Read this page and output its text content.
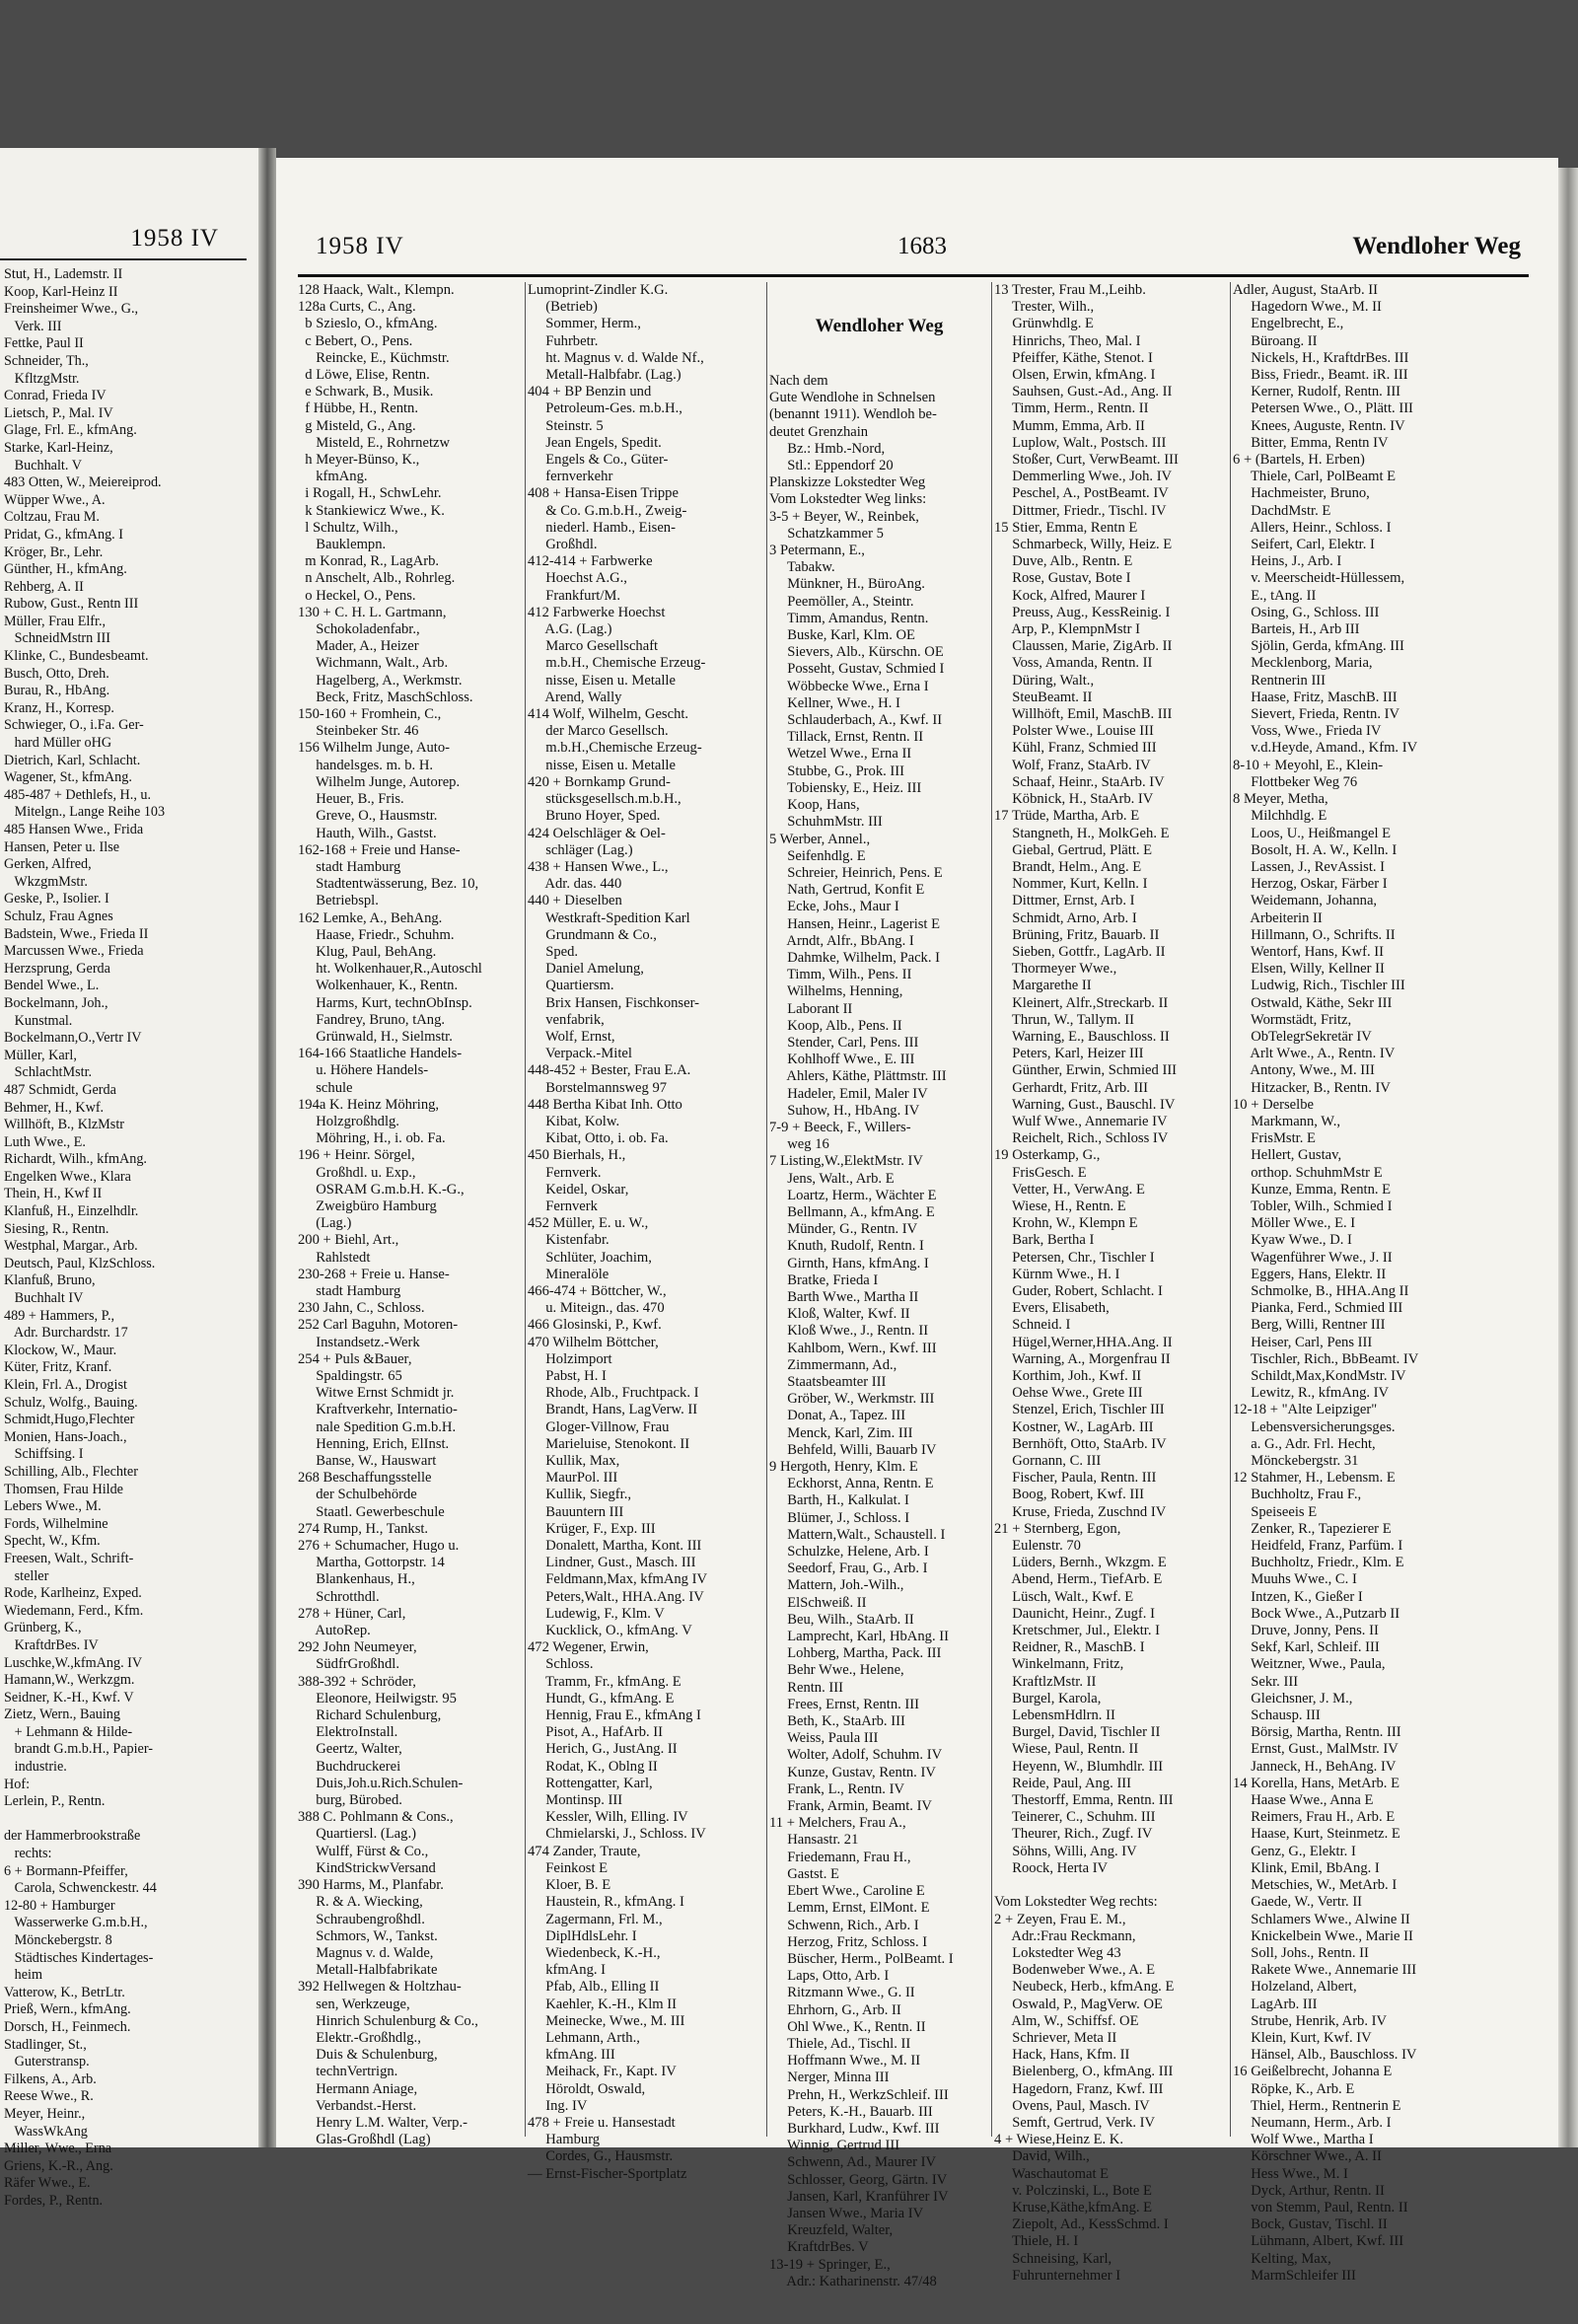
1958 IV
Stut, H., Lademstr. II
Koop, Karl-Heinz II
Freinsheimer Wwe., G.,
Verk. III
Fettke, Paul II
Schneider, Th.,
KfltzgMstr.
Conrad, Frieda IV
Lietsch, P., Mal. IV
Glage, Frl. E., kfmAng.
Starke, Karl-Heinz,
Buchhalt. V
483 Otten, W., Meiereiprod.
Wüpper Wwe., A.
Coltzau, Frau M.
Pridat, G., kfmAng. I
Kröger, Br., Lehr.
Günther, H., kfmAng.
Rehberg, A. II
Rubow, Gust., Rentn III
Müller, Frau Elfr.,
SchneidMstrn III
Klinke, C., Bundesbeamt.
Busch, Otto, Dreh.
Burau, R., HbAng.
Kranz, H., Korresp.
Schwieger, O., i.Fa. Ger-
hard Müller oHG
Dietrich, Karl, Schlacht.
Wagener, St., kfmAng.
485-487 + Dethlefs, H., u.
Mitelgn., Lange Reihe 103
485 Hansen Wwe., Frida
Hansen, Peter u. Ilse
Gerken, Alfred,
WkzgmMstr.
Geske, P., Isolier. I
Schulz, Frau Agnes
Badstein, Wwe., Frieda II
Marcussen Wwe., Frieda
Herzsprung, Gerda
Bendel Wwe., L.
Bockelmann, Joh.,
Kunstmal.
Bockelmann,O.,Vertr IV
Müller, Karl,
SchlachtMstr.
487 Schmidt, Gerda
Behmer, H., Kwf.
Willhöft, B., KlzMstr
Luth Wwe., E.
Richardt, Wilh., kfmAng.
Engelken Wwe., Klara
Thein, H., Kwf II
Klanfuß, H., Einzelhdlr.
Siesing, R., Rentn.
Westphal, Margar., Arb.
Deutsch, Paul, KlzSchloss.
Klanfuß, Bruno,
Buchhalt IV
489 + Hammers, P.,
Adr. Burchardstr. 17
Klockow, W., Maur.
Küter, Fritz, Kranf.
Klein, Frl. A., Drogist
Schulz, Wolfg., Bauing.
Schmidt,Hugo,Flechter
Monien, Hans-Joach.,
Schiffsing. I
Schilling, Alb., Flechter
Thomsen, Frau Hilde
Lebers Wwe., M.
Fords, Wilhelmine
Specht, W., Kfm.
Freesen, Walt., Schrift-
steller
Rode, Karlheinz, Exped.
Wiedemann, Ferd., Kfm.
Grünberg, K.,
KraftdrBes. IV
Luschke,W.,kfmAng. IV
Hamann,W., Werkzgm.
Seidner, K.-H., Kwf. V
Zietz, Wern., Bauing
+ Lehmann & Hilde-
brandt G.m.b.H., Papier-
industrie.
Hof:
Lerlein, P., Rentn.

der Hammerbrookstraße
rechts:
6 + Bormann-Pfeiffer,
Carola, Schwenckestr. 44
12-80 + Hamburger
Wasserwerke G.m.b.H.,
Mönckebergstr. 8
Städtisches Kindertages-
heim
Vatterow, K., BetrLtr.
Prieß, Wern., kfmAng.
Dorsch, H., Feinmech.
Stadlinger, St.,
Guterstransp.
Filkens, A., Arb.
Reese Wwe., R.
Meyer, Heinr.,
WassWkAng
Miller, Wwe., Erna
Griens, K.-R., Ang.
Räfer Wwe., E.
Fordes, P., Rentn.
1958 IV	1683	Wendloher Weg
128 Haack, Walt., Klempn.
128a Curts, C., Ang.
b Szieslo, O., kfmAng.
c Bebert, O., Pens.
Reincke, E., Küchmstr.
d Löwe, Elise, Rentn.
e Schwark, B., Musik.
f Hübbe, H., Rentn.
g Misteld, G., Ang.
Misteld, E., Rohrnetzw
h Meyer-Bünso, K.,
kfmAng.
i Rogall, H., SchwLehr.
k Stankiewicz Wwe., K.
l Schultz, Wilh.,
Bauklempn.
m Konrad, R., LagArb.
n Anschelt, Alb., Rohrleg.
o Heckel, O., Pens.
130 + C. H. L. Gartmann,
Schokoladenfabr.,
Mader, A., Heizer
Wichmann, Walt., Arb.
Hagelberg, A., Werkmstr.
Beck, Fritz, MaschSchloss.
150-160 + Fromhein, C.,
Steinbeker Str. 46
156 Wilhelm Junge, Auto-
handelsges. m. b. H.
Wilhelm Junge, Autorep.
Heuer, B., Fris.
Greve, O., Hausmstr.
Hauth, Wilh., Gastst.
162-168 + Freie und Hanse-
stadt Hamburg
Stadtentwässerung, Bez. 10,
Betriebspl.
162 Lemke, A., BehAng.
Haase, Friedr., Schuhm.
Klug, Paul, BehAng.
ht. Wolkenhauer,R.,Autoschl
Wolkenhauer, K., Rentn.
Harms, Kurt, technObInsp.
Fandrey, Bruno, tAng.
Grünwald, H., Sielmstr.
164-166 Staatliche Handels-
u. Höhere Handels-
schule
194a K. Heinz Möhring,
Holzgroßhdlg.
Möhring, H., i. ob. Fa.
196 + Heinr. Sörgel,
Großhdl. u. Exp.,
OSRAM G.m.b.H. K.-G.,
Zweigbüro Hamburg
(Lag.)
200 + Biehl, Art.,
Rahlstedt
230-268 + Freie u. Hanse-
stadt Hamburg
230 Jahn, C., Schloss.
252 Carl Baguhn, Motoren-
Instandsetz.-Werk
254 + Puls &Bauer,
Spaldingstr. 65
Witwe Ernst Schmidt jr.
Kraftverkehr, Internatio-
nale Spedition G.m.b.H.
Henning, Erich, ElInst.
Banse, W., Hauswart
268 Beschaffungsstelle
der Schulbehörde
Staatl. Gewerbeschule
274 Rump, H., Tankst.
276 + Schumacher, Hugo u.
Martha, Gottorpstr. 14
Blankenhaus, H.,
Schrotthdl.
278 + Hüner, Carl,
AutoRep.
292 John Neumeyer,
SüdfrGroßhdl.
388-392 + Schröder,
Eleonore, Heilwigstr. 95
Richard Schulenburg,
ElektroInstall.
Geertz, Walter,
Buchdruckerei
Duis,Joh.u.Rich.Schulen-
burg, Bürobed.
388 C. Pohlmann & Cons.,
Quartiersl. (Lag.)
Wulff, Fürst & Co.,
KindStrickwVersand
390 Harms, M., Planfabr.
R. & A. Wiecking,
Schraubengroßhdl.
Schmors, W., Tankst.
Magnus v. d. Walde,
Metall-Halbfabrikate
392 Hellwegen & Holtzhau-
sen, Werkzeuge,
Hinrich Schulenburg & Co.,
Elektr.-Großhdlg.,
Duis & Schulenburg,
technVertrign.
Hermann Aniage,
Verbandst.-Herst.
Henry L.M. Walter, Verp.-
Glas-Großhdl (Lag)
Lumoprint-Zindler K.G.
(Betrieb)
Sommer, Herm.,
Fuhrbetr.
ht. Magnus v. d. Walde Nf.,
Metall-Halbfabr. (Lag.)
404 + BP Benzin und
Petroleum-Ges. m.b.H.,
Steinstr. 5
Jean Engels, Spedit.
Engels & Co., Güter-
fernverkehr
408 + Hansa-Eisen Trippe
& Co. G.m.b.H., Zweig-
niederl. Hamb., Eisen-
Großhdl.
412-414 + Farbwerke
Hoechst A.G.,
Frankfurt/M.
412 Farbwerke Hoechst
A.G. (Lag.)
Marco Gesellschaft
m.b.H., Chemische Erzeug-
nisse, Eisen u. Metalle
Arend, Wally
414 Wolf, Wilhelm, Gescht.
der Marco Gesellsch.
m.b.H.,Chemische Erzeug-
nisse, Eisen u. Metalle
420 + Bornkamp Grund-
stücksgesellsch.m.b.H.,
Bruno Hoyer, Sped.
424 Oelschläger & Oel-
schläger (Lag.)
438 + Hansen Wwe., L.,
Adr. das. 440
440 + Dieselben
Westkraft-Spedition Karl
Grundmann & Co.,
Sped.
Daniel Amelung,
Quartiersm.
Brix Hansen, Fischkonser-
venfabrik,
Wolf, Ernst,
Verpack.-Mitel
448-452 + Bester, Frau E.A.
Borstelmannsweg 97
448 Bertha Kibat Inh. Otto
Kibat, Kolw.
Kibat, Otto, i. ob. Fa.
450 Bierhals, H.,
Fernverk.
Keidel, Oskar,
Fernverk
452 Müller, E. u. W.,
Kistenfabr.
Schlüter, Joachim,
Mineralöle
466-474 + Böttcher, W.,
u. Miteign., das. 470
466 Glosinski, P., Kwf.
470 Wilhelm Böttcher,
Holzimport
Pabst, H. I
Rhode, Alb., Fruchtpack. I
Brandt, Hans, LagVerw. II
Gloger-Villnow, Frau
Marieluise, Stenokont. II
Kullik, Max,
MaurPol. III
Kullik, Siegfr.,
Bauuntern III
Krüger, F., Exp. III
Donalett, Martha, Kont. III
Lindner, Gust., Masch. III
Feldmann,Max, kfmAng IV
Peters,Walt., HHA.Ang. IV
Ludewig, F., Klm. V
Kucklick, O., kfmAng. V
472 Wegener, Erwin,
Schloss.
Tramm, Fr., kfmAng. E
Hundt, G., kfmAng. E
Hennig, Frau E., kfmAng I
Pisot, A., HafArb. II
Herich, G., JustAng. II
Rodat, K., Oblng II
Rottengatter, Karl,
Montinsp. III
Kessler, Wilh, Elling. IV
Chmielarski, J., Schloss. IV
474 Zander, Traute,
Feinkost E
Kloer, B. E
Haustein, R., kfmAng. I
Zagermann, Frl. M.,
DiplHdlsLehr. I
Wiedenbeck, K.-H.,
kfmAng. I
Pfab, Alb., Elling II
Kaehler, K.-H., Klm II
Meinecke, Wwe., M. III
Lehmann, Arth.,
kfmAng. III
Meihack, Fr., Kapt. IV
Höroldt, Oswald,
Ing. IV
478 + Freie u. Hansestadt
Hamburg
Cordes, G., Hausmstr.
— Ernst-Fischer-Sportplatz

Wendloher Weg

Nach dem
Gute Wendlohe in Schnelsen
(benannt 1911). Wendloh be-
deutet Grenzhain
Bz.: Hmb.-Nord,
Stl.: Eppendorf 20
Planskizze Lokstedter Weg
Vom Lokstedter Weg links:
3-5 + Beyer, W., Reinbek,
Schatzkammer 5
3 Petermann, E.,
Tabakw.
Münkner, H., BüroAng.
Peemöller, A., Steintr.
Timm, Amandus, Rentn.
Buske, Karl, Klm. OE
Sievers, Alb., Kürschn. OE
Posseht, Gustav, Schmied I
Wöbbecke Wwe., Erna I
Kellner, Wwe., H. I
Schlauderbach, A., Kwf. II
Tillack, Ernst, Rentn. II
Wetzel Wwe., Erna II
Stubbe, G., Prok. III
Tobiensky, E., Heiz. III
Koop, Hans,
SchuhmMstr. III
5 Werber, Annel.,
Seifenhdlg. E
Schreier, Heinrich, Pens. E
Nath, Gertrud, Konfit E
Ecke, Johs., Maur I
Hansen, Heinr., Lagerist E
Arndt, Alfr., BbAng. I
Dahmke, Wilhelm, Pack. I
Timm, Wilh., Pens. II
Wilhelms, Henning,
Laborant II
Koop, Alb., Pens. II
Stender, Carl, Pens. III
Kohlhoff Wwe., E. III
Ahlers, Käthe, Plättmstr. III
Hadeler, Emil, Maler IV
Suhow, H., HbAng. IV
7-9 + Beeck, F., Willers-
weg 16
7 Listing,W.,ElektMstr. IV
Jens, Walt., Arb. E
Loartz, Herm., Wächter E
Bellmann, A., kfmAng. E
Münder, G., Rentn. IV
Knuth, Rudolf, Rentn. I
Girnth, Hans, kfmAng. I
Bratke, Frieda I
Barth Wwe., Martha II
Kloß, Walter, Kwf. II
Kloß Wwe., J., Rentn. II
Kahlbom, Wern., Kwf. III
Zimmermann, Ad.,
Staatsbeamter III
Gröber, W., Werkmstr. III
Donat, A., Tapez. III
Menck, Karl, Zim. III
Behfeld, Willi, Bauarb IV
9 Hergoth, Henry, Klm. E
Eckhorst, Anna, Rentn. E
Barth, H., Kalkulat. I
Blümer, J., Schloss. I
Mattern,Walt., Schaustell. I
Schulzke, Helene, Arb. I
Seedorf, Frau, G., Arb. I
Mattern, Joh.-Wilh.,
ElSchweiß. II
Beu, Wilh., StaArb. II
Lamprecht, Karl, HbAng. II
Lohberg, Martha, Pack. III
Behr Wwe., Helene,
Rentn. III
Frees, Ernst, Rentn. III
Beth, K., StaArb. III
Weiss, Paula III
Wolter, Adolf, Schuhm. IV
Kunze, Gustav, Rentn. IV
Frank, L., Rentn. IV
Frank, Armin, Beamt. IV
11 + Melchers, Frau A.,
Hansastr. 21
Friedemann, Frau H.,
Gastst. E
Ebert Wwe., Caroline E
Lemm, Ernst, ElMont. E
Schwenn, Rich., Arb. I
Herzog, Fritz, Schloss. I
Büscher, Herm., PolBeamt. I
Laps, Otto, Arb. I
Ritzmann Wwe., G. II
Ehrhorn, G., Arb. II
Ohl Wwe., K., Rentn. II
Thiele, Ad., Tischl. II
Hoffmann Wwe., M. II
Nerger, Minna III
Prehn, H., WerkzSchleif. III
Peters, K.-H., Bauarb. III
Burkhard, Ludw., Kwf. III
Winnig, Gertrud III
Schwenn, Ad., Maurer IV
Schlosser, Georg, Gärtn. IV
Jansen, Karl, Kranführer IV
Jansen Wwe., Maria IV
Kreuzfeld, Walter,
KraftdrBes. V
13-19 + Springer, E.,
Adr.: Katharinenstr. 47/48

13 Trester, Frau M.,Leihb.
Trester, Wilh.,
Grünwhdlg. E
Hinrichs, Theo, Mal. I
Pfeiffer, Käthe, Stenot. I
Olsen, Erwin, kfmAng. I
Sauhsen, Gust.-Ad., Ang. II
Timm, Herm., Rentn. II
Mumm, Emma, Arb. II
Luplow, Walt., Postsch. III
Stoßer, Curt, VerwBeamt. III
Demmerling Wwe., Joh. IV
Peschel, A., PostBeamt. IV
Dittmer, Friedr., Tischl. IV
15 Stier, Emma, Rentn E
Schmarbeck, Willy, Heiz. E
Duve, Alb., Rentn. E
Rose, Gustav, Bote I
Kock, Alfred, Maurer I
Preuss, Aug., KessReinig. I
Arp, P., KlempnMstr I
Claussen, Marie, ZigArb. II
Voss, Amanda, Rentn. II
Düring, Walt.,
SteuBeamt. II
Willhöft, Emil, MaschB. III
Polster Wwe., Louise III
Kühl, Franz, Schmied III
Wolf, Franz, StaArb. IV
Schaaf, Heinr., StaArb. IV
Köbnick, H., StaArb. IV
17 Trüde, Martha, Arb. E
Stangneth, H., MolkGeh. E
Giebal, Gertrud, Plätt. E
Brandt, Helm., Ang. E
Nommer, Kurt, Kelln. I
Dittmer, Ernst, Arb. I
Schmidt, Arno, Arb. I
Brüning, Fritz, Bauarb. II
Sieben, Gottfr., LagArb. II
Thormeyer Wwe.,
Margarethe II
Kleinert, Alfr.,Streckarb. II
Thrun, W., Tallym. II
Warning, E., Bauschloss. II
Peters, Karl, Heizer III
Günther, Erwin, Schmied III
Gerhardt, Fritz, Arb. III
Warning, Gust., Bauschl. IV
Wulf Wwe., Annemarie IV
Reichelt, Rich., Schloss IV
19 Osterkamp, G.,
FrisGesch. E
Vetter, H., VerwAng. E
Wiese, H., Rentn. E
Krohn, W., Klempn E
Bark, Bertha I
Petersen, Chr., Tischler I
Kürnm Wwe., H. I
Guder, Robert, Schlacht. I
Evers, Elisabeth,
Schneid. I
Hügel,Werner,HHA.Ang. II
Warning, A., Morgenfrau II
Korthim, Joh., Kwf. II
Oehse Wwe., Grete III
Stenzel, Erich, Tischler III
Kostner, W., LagArb. III
Bernhöft, Otto, StaArb. IV
Gornann, C. III
Fischer, Paula, Rentn. III
Boog, Robert, Kwf. III
Kruse, Frieda, Zuschnd IV
21 + Sternberg, Egon,
Eulenstr. 70
Lüders, Bernh., Wkzgm. E
Abend, Herm., TiefArb. E
Lüsch, Walt., Kwf. E
Daunicht, Heinr., Zugf. I
Kretschmer, Jul., Elektr. I
Reidner, R., MaschB. I
Winkelmann, Fritz,
KraftlzMstr. II
Burgel, Karola,
LebensmHdlrn. II
Burgel, David, Tischler II
Wiese, Paul, Rentn. II
Heyenn, W., Blumhdlr. III
Reide, Paul, Ang. III
Thestorff, Emma, Rentn. III
Teinerer, C., Schuhm. III
Theurer, Rich., Zugf. IV
Söhns, Willi, Ang. IV
Roock, Herta IV

Vom Lokstedter Weg rechts:
2 + Zeyen, Frau E. M.,
Adr.:Frau Reckmann,
Lokstedter Weg 43
Bodenweber Wwe., A. E
Neubeck, Herb., kfmAng. E
Oswald, P., MagVerw. OE
Alm, W., Schiffsf. OE
Schriever, Meta II
Hack, Hans, Kfm. II
Bielenberg, O., kfmAng. III
Hagedorn, Franz, Kwf. III
Ovens, Paul, Masch. IV
Semft, Gertrud, Verk. IV
4 + Wiese,Heinz E. K.
David, Wilh.,
Waschautomat E
v. Polczinski, L., Bote E
Kruse,Käthe,kfmAng. E
Ziepolt, Ad., KessSchmd. I
Thiele, H. I
Schneising, Karl,
Fuhrunternehmer I
Adler, August, StaArb. II
Hagedorn Wwe., M. II
Engelbrecht, E.,
Büroang. II
Nickels, H., KraftdrBes. III
Biss, Friedr., Beamt. iR. III
Kerner, Rudolf, Rentn. III
Petersen Wwe., O., Plätt. III
Knees, Auguste, Rentn. IV
Bitter, Emma, Rentn IV
6 + (Bartels, H. Erben)
Thiele, Carl, PolBeamt E
Hachmeister, Bruno,
DachdMstr. E
Allers, Heinr., Schloss. I
Seifert, Carl, Elektr. I
Heins, J., Arb. I
v. Meerscheidt-Hüllessem,
E., tAng. II
Osing, G., Schloss. III
Barteis, H., Arb III
Sjölin, Gerda, kfmAng. III
Mecklenborg, Maria,
Rentnerin III
Haase, Fritz, MaschB. III
Sievert, Frieda, Rentn. IV
Voss, Wwe., Frieda IV
v.d.Heyde, Amand., Kfm. IV
8-10 + Meyohl, E., Klein-
Flottbeker Weg 76
8 Meyer, Metha,
Milchhdlg. E
Loos, U., Heißmangel E
Bosolt, H. A. W., Kelln. I
Lassen, J., RevAssist. I
Herzog, Oskar, Färber I
Weidemann, Johanna,
Arbeiterin II
Hillmann, O., Schrifts. II
Wentorf, Hans, Kwf. II
Elsen, Willy, Kellner II
Ludwig, Rich., Tischler III
Ostwald, Käthe, Sekr III
Wormstädt, Fritz,
ObTelegrSekretär IV
Arlt Wwe., A., Rentn. IV
Antony, Wwe., M. III
Hitzacker, B., Rentn. IV
10 + Derselbe
Markmann, W.,
FrisMstr. E
Hellert, Gustav,
orthop. SchuhmMstr E
Kunze, Emma, Rentn. E
Tobler, Wilh., Schmied I
Möller Wwe., E. I
Kyaw Wwe., D. I
Wagenführer Wwe., J. II
Eggers, Hans, Elektr. II
Schmolke, B., HHA.Ang II
Pianka, Ferd., Schmied III
Berg, Willi, Rentner III
Heiser, Carl, Pens III
Tischler, Rich., BbBeamt. IV
Schildt,Max,KondMstr. IV
Lewitz, R., kfmAng. IV
12-18 + "Alte Leipziger"
Lebensversicherungsges.
a. G., Adr. Frl. Hecht,
Mönckebergstr. 31
12 Stahmer, H., Lebensm. E
Buchholtz, Frau F.,
Speiseeis E
Zenker, R., Tapezierer E
Heidfeld, Franz, Parfüm. I
Buchholtz, Friedr., Klm. E
Muuhs Wwe., C. I
Intzen, K., Gießer I
Bock Wwe., A.,Putzarb II
Druve, Jonny, Pens. II
Sekf, Karl, Schleif. III
Weitzner, Wwe., Paula,
Sekr. III
Gleichsner, J. M.,
Schausp. III
Börsig, Martha, Rentn. III
Ernst, Gust., MalMstr. IV
Janneck, H., BehAng. IV
14 Korella, Hans, MetArb. E
Haase Wwe., Anna E
Reimers, Frau H., Arb. E
Haase, Kurt, Steinmetz. E
Genz, G., Elektr. I
Klink, Emil, BbAng. I
Metschies, W., MetArb. I
Gaede, W., Vertr. II
Schlamers Wwe., Alwine II
Knickelbein Wwe., Marie II
Soll, Johs., Rentn. II
Rakete Wwe., Annemarie III
Holzeland, Albert,
LagArb. III
Strube, Henrik, Arb. IV
Klein, Kurt, Kwf. IV
Hänsel, Alb., Bauschloss. IV
16 Geißelbrecht, Johanna E
Röpke, K., Arb. E
Thiel, Herm., Rentnerin E
Neumann, Herm., Arb. I
Wolf Wwe., Martha I
Körschner Wwe., A. II
Hess Wwe., M. I
Dyck, Arthur, Rentn. II
von Stemm, Paul, Rentn. II
Bock, Gustav, Tischl. II
Lühmann, Albert, Kwf. III
Kelting, Max,
MarmSchleifer III
